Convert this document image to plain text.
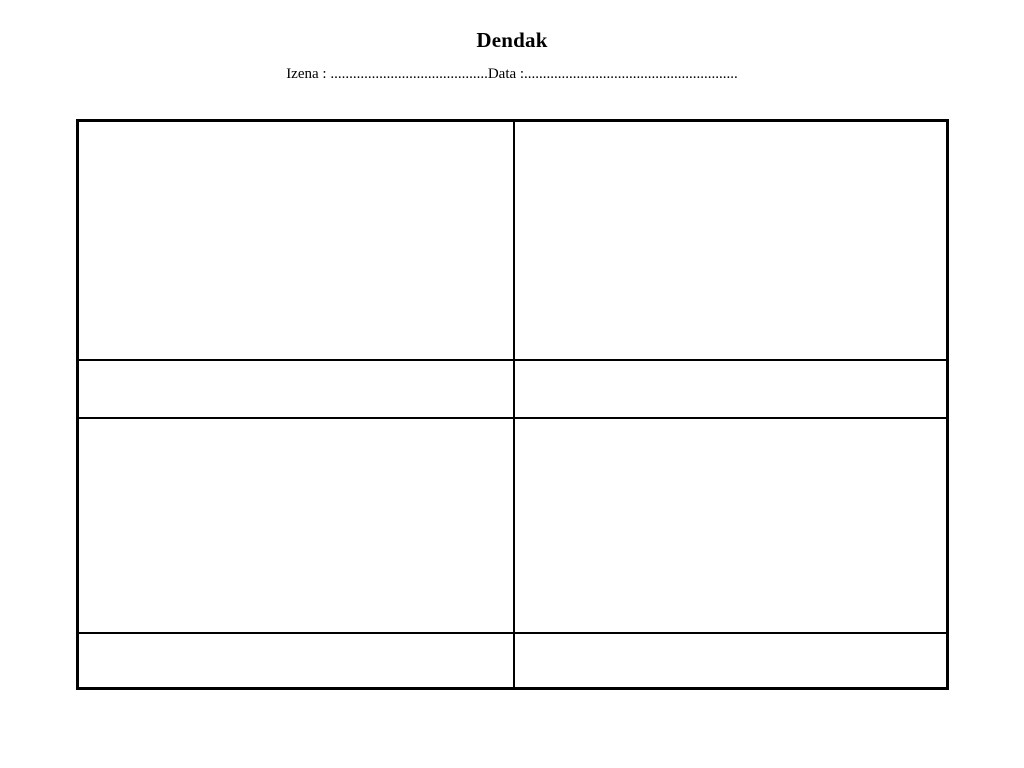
Dendak
Izena : ..........................................Data :.........................................................
